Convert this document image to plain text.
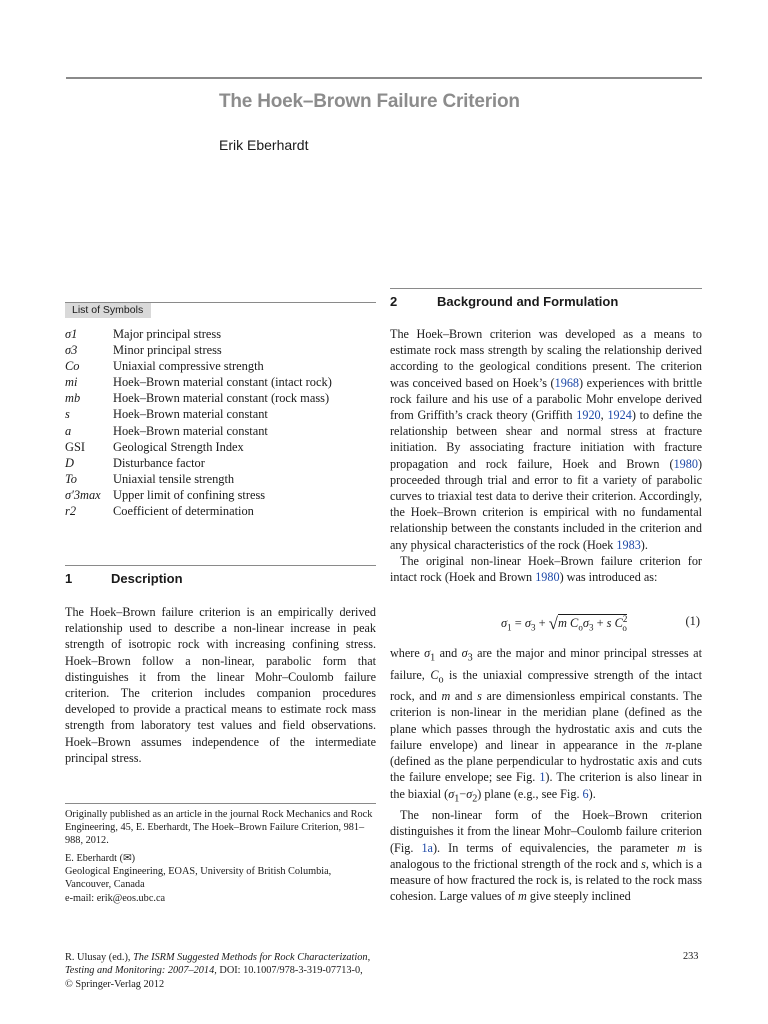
The Hoek–Brown Failure Criterion
Erik Eberhardt
List of Symbols
σ1	Major principal stress
σ3	Minor principal stress
Co	Uniaxial compressive strength
mi	Hoek–Brown material constant (intact rock)
mb	Hoek–Brown material constant (rock mass)
s	Hoek–Brown material constant
a	Hoek–Brown material constant
GSI	Geological Strength Index
D	Disturbance factor
To	Uniaxial tensile strength
σ′3max Upper limit of confining stress
r2	Coefficient of determination
1	Description

The Hoek–Brown failure criterion is an empirically derived relationship used to describe a non-linear increase in peak strength of isotropic rock with increasing confining stress. Hoek–Brown follow a non-linear, parabolic form that distinguishes it from the linear Mohr–Coulomb failure criterion. The criterion includes companion procedures developed to provide a practical means to estimate rock mass strength from laboratory test values and field observations. Hoek–Brown assumes independence of the intermediate principal stress.

Originally published as an article in the journal Rock Mechanics and Rock Engineering, 45, E. Eberhardt, The Hoek–Brown Failure Criterion, 981–988, 2012.
E. Eberhardt (✉)
Geological Engineering, EOAS, University of British Columbia,
Vancouver, Canada
e-mail: erik@eos.ubc.ca
2	Background and Formulation

The Hoek–Brown criterion was developed as a means to estimate rock mass strength by scaling the relationship derived according to the geological conditions present. The criterion was conceived based on Hoek’s (1968) experiences with brittle rock failure and his use of a parabolic Mohr envelope derived from Griffith’s crack theory (Griffith 1920, 1924) to define the relationship between shear and normal stress at fracture initiation. By associating fracture initiation with fracture propagation and rock failure, Hoek and Brown (1980) proceeded through trial and error to fit a variety of parabolic curves to triaxial test data to derive their criterion. Accordingly, the Hoek–Brown criterion is empirical with no fundamental relationship between the constants included in the criterion and any physical characteristics of the rock (Hoek 1983).

The original non-linear Hoek–Brown failure criterion for intact rock (Hoek and Brown 1980) was introduced as:

$\sigma_1 = \sigma_3 + √m$ $C_o\sigma_3 + s$ $C^2_o$	(1)

where $\sigma_1$ and $\sigma_3$ are the major and minor principal stresses at failure, $C_o$ is the uniaxial compressive strength of the intact rock, and m and s are dimensionless empirical constants. The criterion is non-linear in the meridian plane (defined as the plane which passes through the hydrostatic axis and cuts the failure envelope) and linear in appearance in the π-plane (defined as the plane perpendicular to hydrostatic axis and cuts the failure envelope; see Fig. 1). The criterion is also linear in the biaxial $(\sigma_1-\sigma_2)$ plane (e.g., see Fig. 6).

The non-linear form of the Hoek–Brown criterion distinguishes it from the linear Mohr–Coulomb failure criterion (Fig. 1a). In terms of equivalencies, the parameter m is analogous to the frictional strength of the rock and s, which is a measure of how fractured the rock is, is related to the rock mass cohesion. Large values of m give steeply inclined

R. Ulusay (ed.), The ISRM Suggested Methods for Rock Characterization,
Testing and Monitoring: 2007–2014, DOI: 10.1007/978-3-319-07713-0,
© Springer-Verlag 2012
233
